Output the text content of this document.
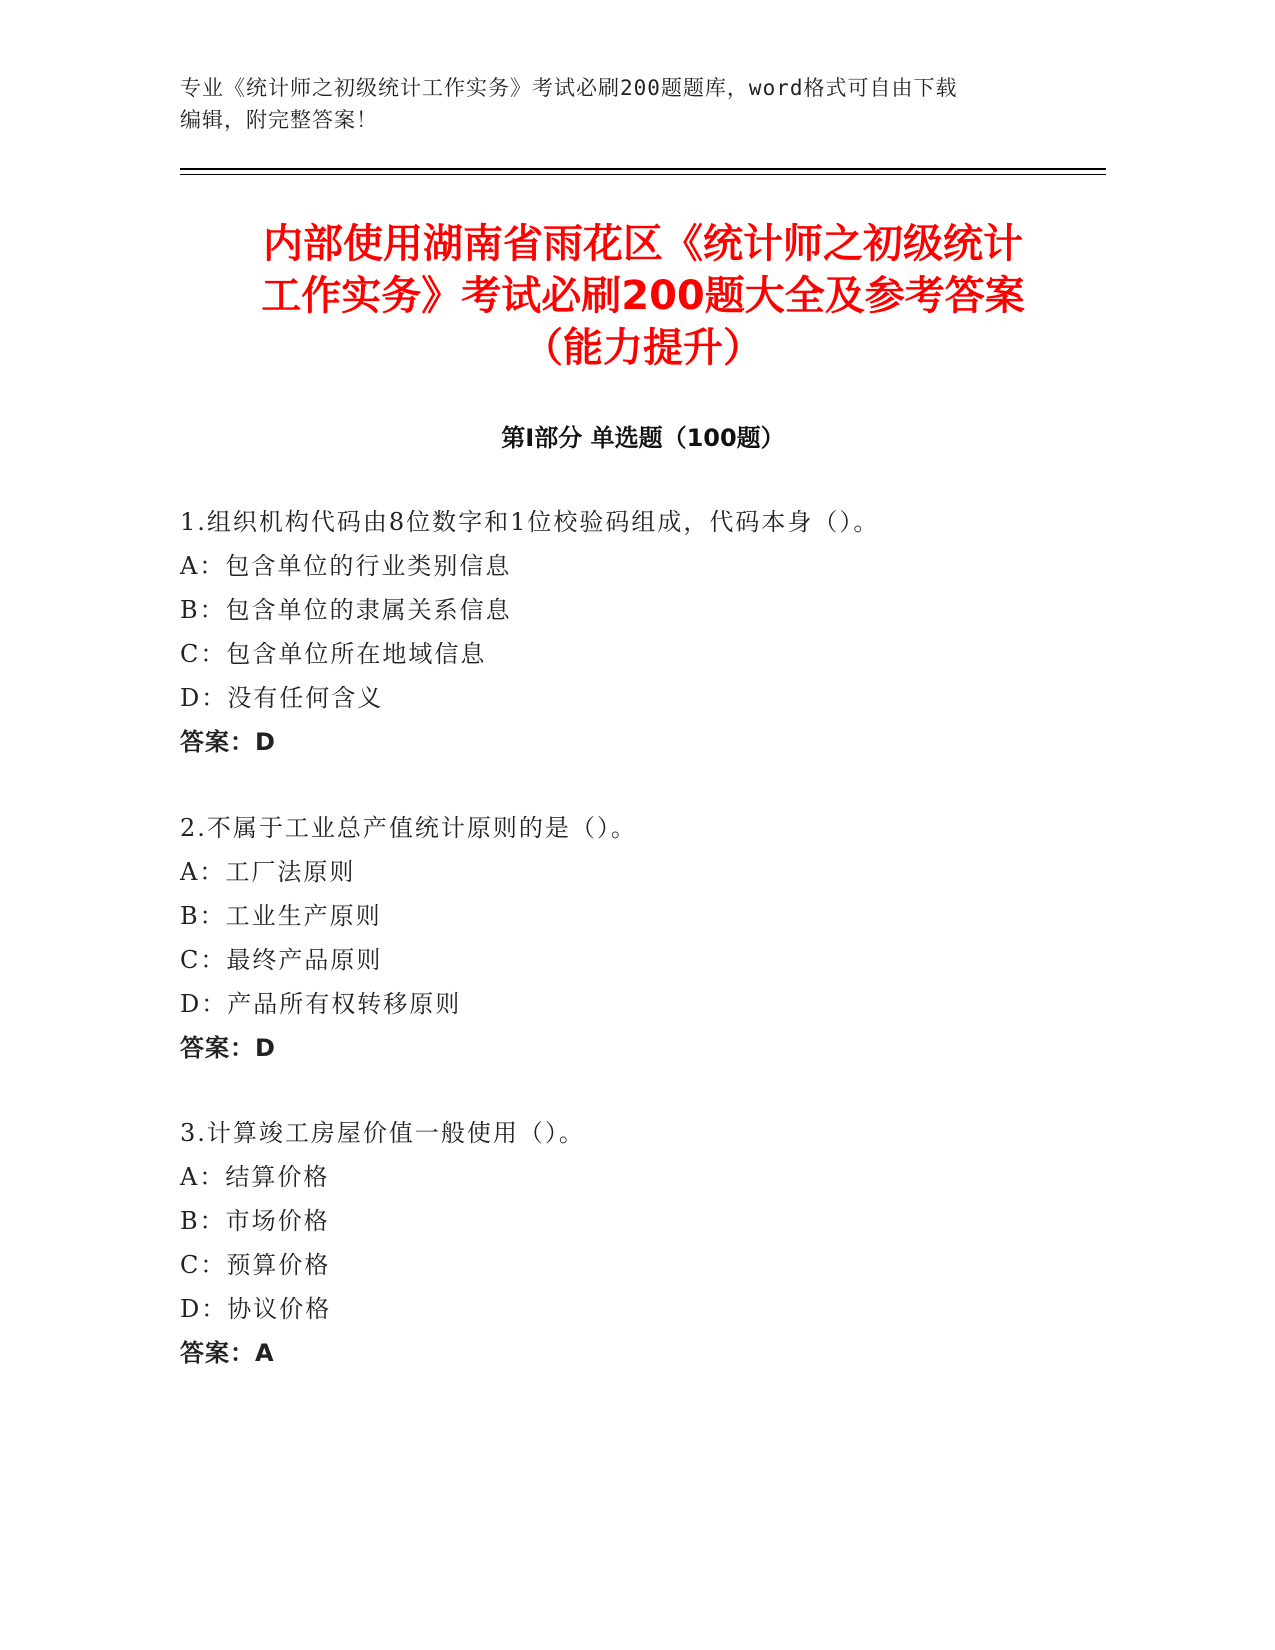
专业《统计师之初级统计工作实务》考试必刷200题题库，word格式可自由下载
编辑，附完整答案！
内部使用湖南省雨花区《统计师之初级统计
工作实务》考试必刷200题大全及参考答案
（能力提升）
第Ⅰ部分 单选题（100题）
1.组织机构代码由8位数字和1位校验码组成，代码本身（）。
A：包含单位的行业类别信息
B：包含单位的隶属关系信息
C：包含单位所在地域信息
D：没有任何含义
答案：D
2.不属于工业总产值统计原则的是（）。
A：工厂法原则
B：工业生产原则
C：最终产品原则
D：产品所有权转移原则
答案：D
3.计算竣工房屋价值一般使用（）。
A：结算价格
B：市场价格
C：预算价格
D：协议价格
答案：A
